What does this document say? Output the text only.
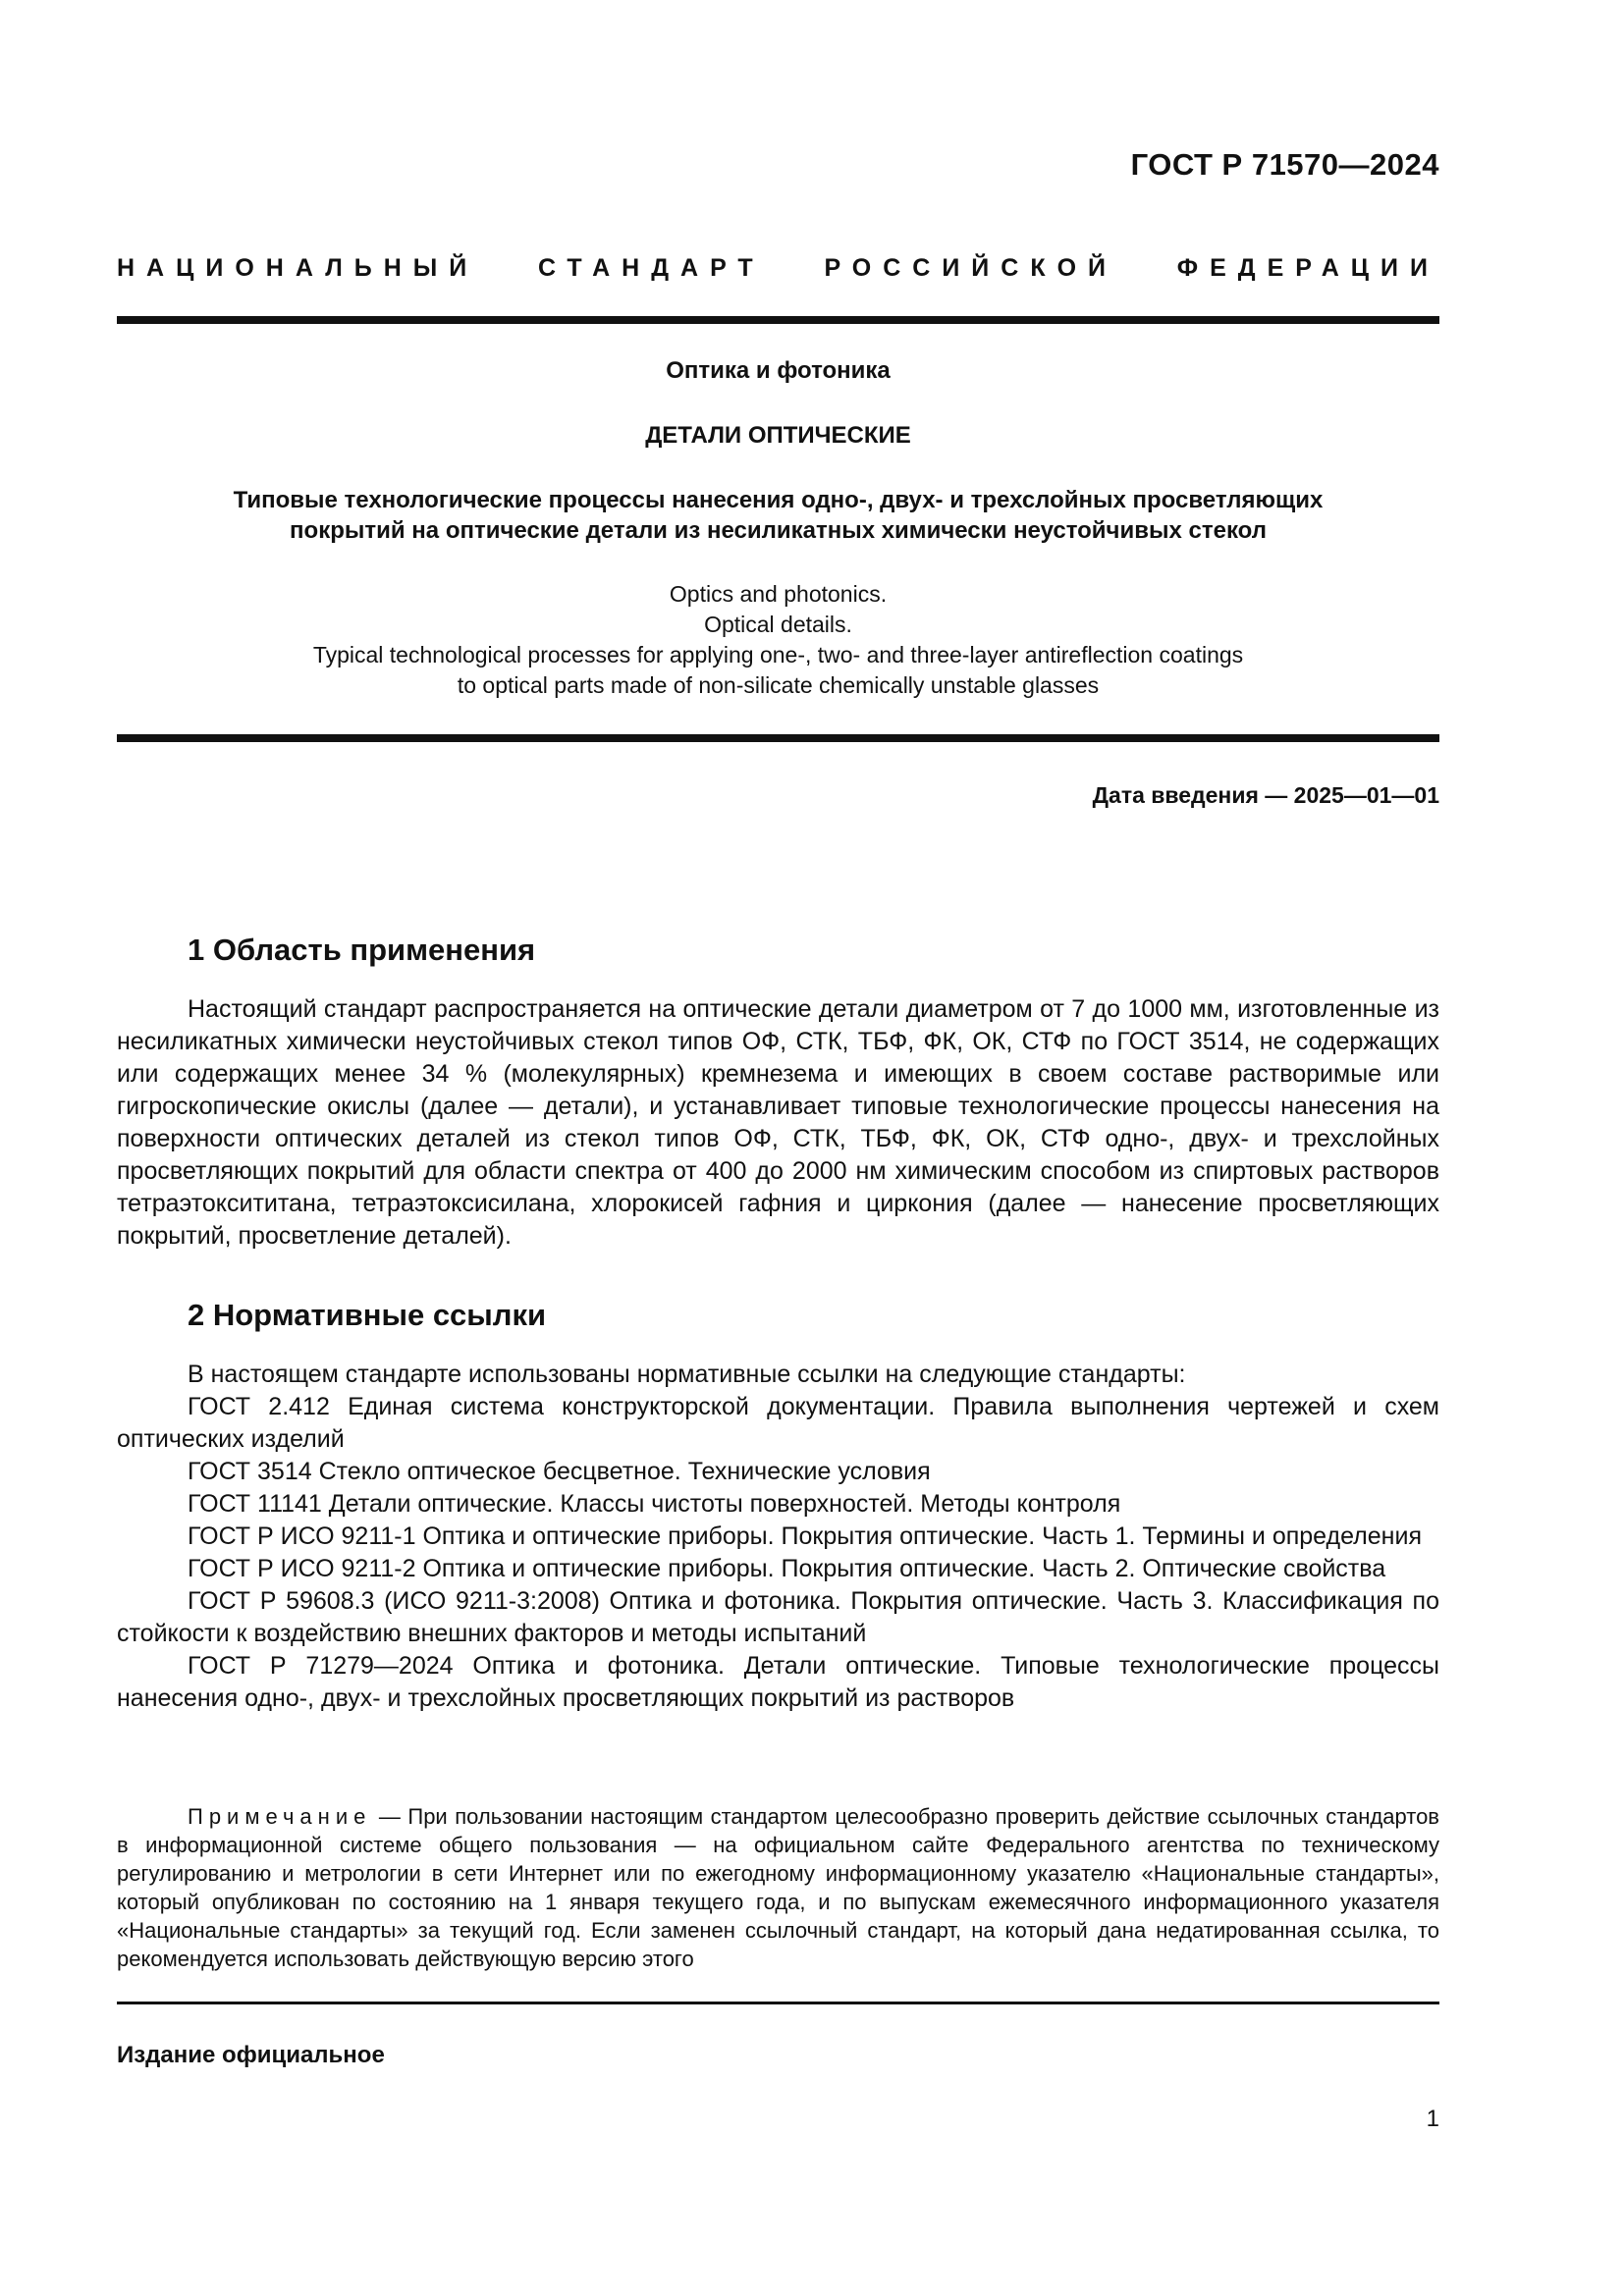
ГОСТ Р 71570—2024
НАЦИОНАЛЬНЫЙ СТАНДАРТ РОССИЙСКОЙ ФЕДЕРАЦИИ
Оптика и фотоника
ДЕТАЛИ ОПТИЧЕСКИЕ
Типовые технологические процессы нанесения одно-, двух- и трехслойных просветляющих
покрытий на оптические детали из несиликатных химически неустойчивых стекол
Optics and photonics.
Optical details.
Typical technological processes for applying one-, two- and three-layer antireflection coatings
to optical parts made of non-silicate chemically unstable glasses
Дата введения — 2025—01—01
1 Область применения

Настоящий стандарт распространяется на оптические детали диаметром от 7 до 1000 мм, изготовленные из несиликатных химически неустойчивых стекол типов ОФ, СТК, ТБФ, ФК, ОК, СТФ по ГОСТ 3514, не содержащих или содержащих менее 34 % (молекулярных) кремнезема и имеющих в своем составе растворимые или гигроскопические окислы (далее — детали), и устанавливает типовые технологические процессы нанесения на поверхности оптических деталей из стекол типов ОФ, СТК, ТБФ, ФК, ОК, СТФ одно-, двух- и трехслойных просветляющих покрытий для области спектра от 400 до 2000 нм химическим способом из спиртовых растворов тетраэтоксититана, тетраэтоксисилана, хлорокисей гафния и циркония (далее — нанесение просветляющих покрытий, просветление деталей).

2 Нормативные ссылки

В настоящем стандарте использованы нормативные ссылки на следующие стандарты:

ГОСТ 2.412 Единая система конструкторской документации. Правила выполнения чертежей и схем оптических изделий

ГОСТ 3514 Стекло оптическое бесцветное. Технические условия

ГОСТ 11141 Детали оптические. Классы чистоты поверхностей. Методы контроля

ГОСТ Р ИСО 9211-1 Оптика и оптические приборы. Покрытия оптические. Часть 1. Термины и определения

ГОСТ Р ИСО 9211-2 Оптика и оптические приборы. Покрытия оптические. Часть 2. Оптические свойства

ГОСТ Р 59608.3 (ИСО 9211-3:2008) Оптика и фотоника. Покрытия оптические. Часть 3. Классификация по стойкости к воздействию внешних факторов и методы испытаний

ГОСТ Р 71279—2024 Оптика и фотоника. Детали оптические. Типовые технологические процессы нанесения одно-, двух- и трехслойных просветляющих покрытий из растворов

Примечание — При пользовании настоящим стандартом целесообразно проверить действие ссылочных стандартов в информационной системе общего пользования — на официальном сайте Федерального агентства по техническому регулированию и метрологии в сети Интернет или по ежегодному информационному указателю «Национальные стандарты», который опубликован по состоянию на 1 января текущего года, и по выпускам ежемесячного информационного указателя «Национальные стандарты» за текущий год. Если заменен ссылочный стандарт, на который дана недатированная ссылка, то рекомендуется использовать действующую версию этого

Издание официальное
1
